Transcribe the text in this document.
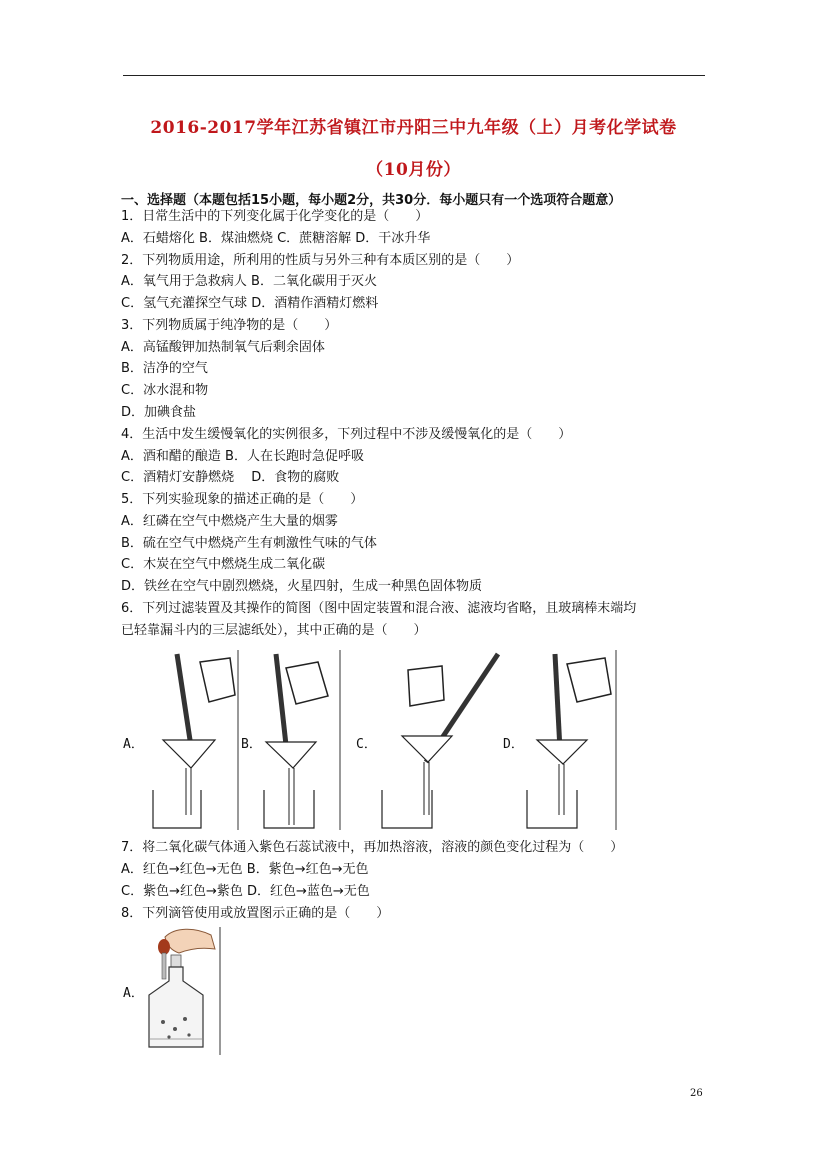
2016-2017学年江苏省镇江市丹阳三中九年级（上）月考化学试卷
（10月份）
一、选择题（本题包括15小题，每小题2分，共30分．每小题只有一个选项符合题意）
1．日常生活中的下列变化属于化学变化的是（　　）
A．石蜡熔化 B．煤油燃烧 C．蔗糖溶解 D．干冰升华
2．下列物质用途，所利用的性质与另外三种有本质区别的是（　　）
A．氧气用于急救病人 B．二氧化碳用于灭火
C．氢气充灌探空气球 D．酒精作酒精灯燃料
3．下列物质属于纯净物的是（　　）
A．高锰酸钾加热制氧气后剩余固体
B．洁净的空气
C．冰水混和物
D．加碘食盐
4．生活中发生缓慢氧化的实例很多，下列过程中不涉及缓慢氧化的是（　　）
A．酒和醋的酿造 B．人在长跑时急促呼吸
C．酒精灯安静燃烧　 D．食物的腐败
5．下列实验现象的描述正确的是（　　）
A．红磷在空气中燃烧产生大量的烟雾
B．硫在空气中燃烧产生有刺激性气味的气体
C．木炭在空气中燃烧生成二氧化碳
D．铁丝在空气中剧烈燃烧，火星四射，生成一种黑色固体物质
6．下列过滤装置及其操作的简图（图中固定装置和混合液、滤液均省略，且玻璃棒末端均
已轻靠漏斗内的三层滤纸处），其中正确的是（　　）
A．	B．	C．	D．
7．将二氧化碳气体通入紫色石蕊试液中，再加热溶液，溶液的颜色变化过程为（　　）
A．红色→红色→无色 B．紫色→红色→无色
C．紫色→红色→紫色 D．红色→蓝色→无色
8．下列滴管使用或放置图示正确的是（　　）
A．
26
